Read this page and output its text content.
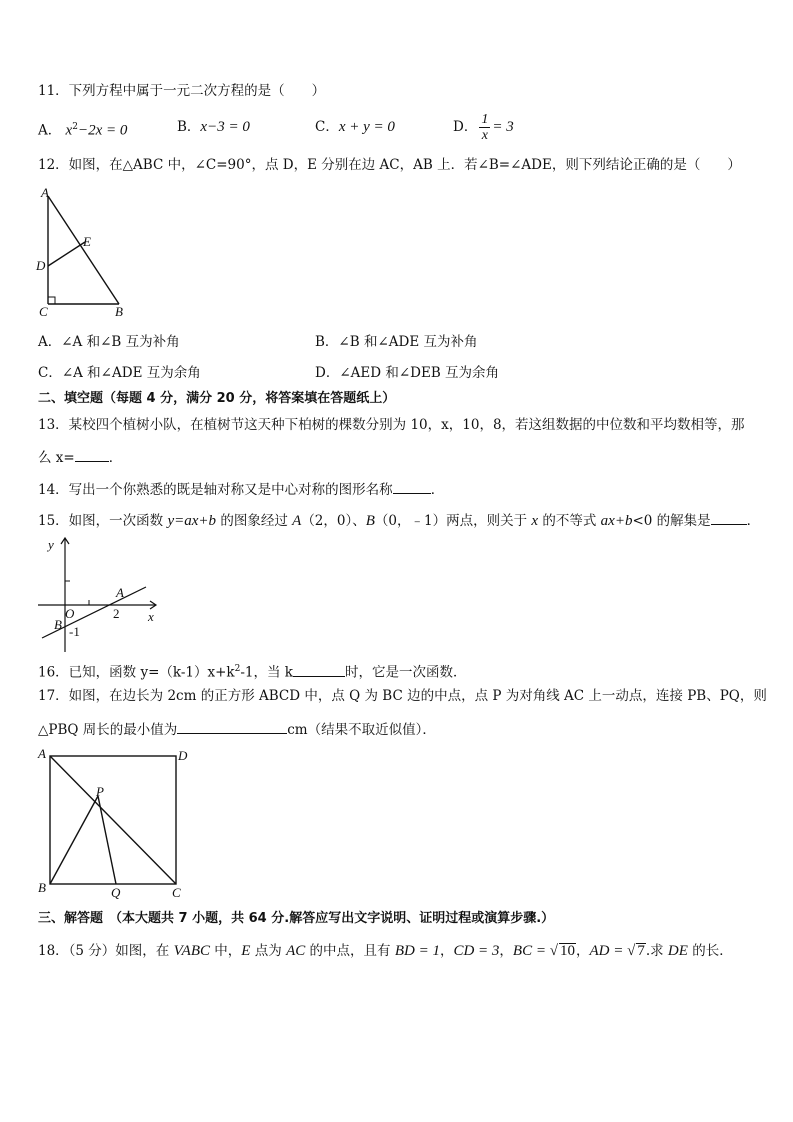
11．下列方程中属于一元二次方程的是（　　）
A． $x^2-2x = 0$	B．x−3 = 0	C．x + y = 0	D． $\frac{1}{x} = 3$
12．如图，在△ABC 中，∠C=90°，点 D，E 分别在边 AC，AB 上．若∠B=∠ADE，则下列结论正确的是（　　）
A
D
E
C	B
A．∠A 和∠B 互为补角	B．∠B 和∠ADE 互为补角
C．∠A 和∠ADE 互为余角	D．∠AED 和∠DEB 互为余角
二、填空题（每题 4 分，满分 20 分，将答案填在答题纸上）
13．某校四个植树小队，在植树节这天种下柏树的棵数分别为 10，x，10，8，若这组数据的中位数和平均数相等，那
么 x=	．
14．写出一个你熟悉的既是轴对称又是中心对称的图形名称	．
15．如图，一次函数 y=ax+b 的图象经过 A（2，0）、B（0，﹣1）两点，则关于 x 的不等式 ax+b<0 的解集是	．
y
x
O
A
B
2
-1
16．已知，函数 $y=(k-1)x+k^2-1$，当 k	时，它是一次函数．
17．如图，在边长为 2cm 的正方形 ABCD 中，点 Q 为 BC 边的中点，点 P 为对角线 AC 上一动点，连接 PB、PQ，则
△PBQ 周长的最小值为	cm（结果不取近似值）．
A	D
P
B	Q	C
三、解答题 （本大题共 7 小题，共 64 分.解答应写出文字说明、证明过程或演算步骤.）
18．（5 分）如图，在 VABC 中，E 点为 AC 的中点，且有 BD = 1，CD = 3，BC = √ 10，AD = √ 7.求 DE 的长．
